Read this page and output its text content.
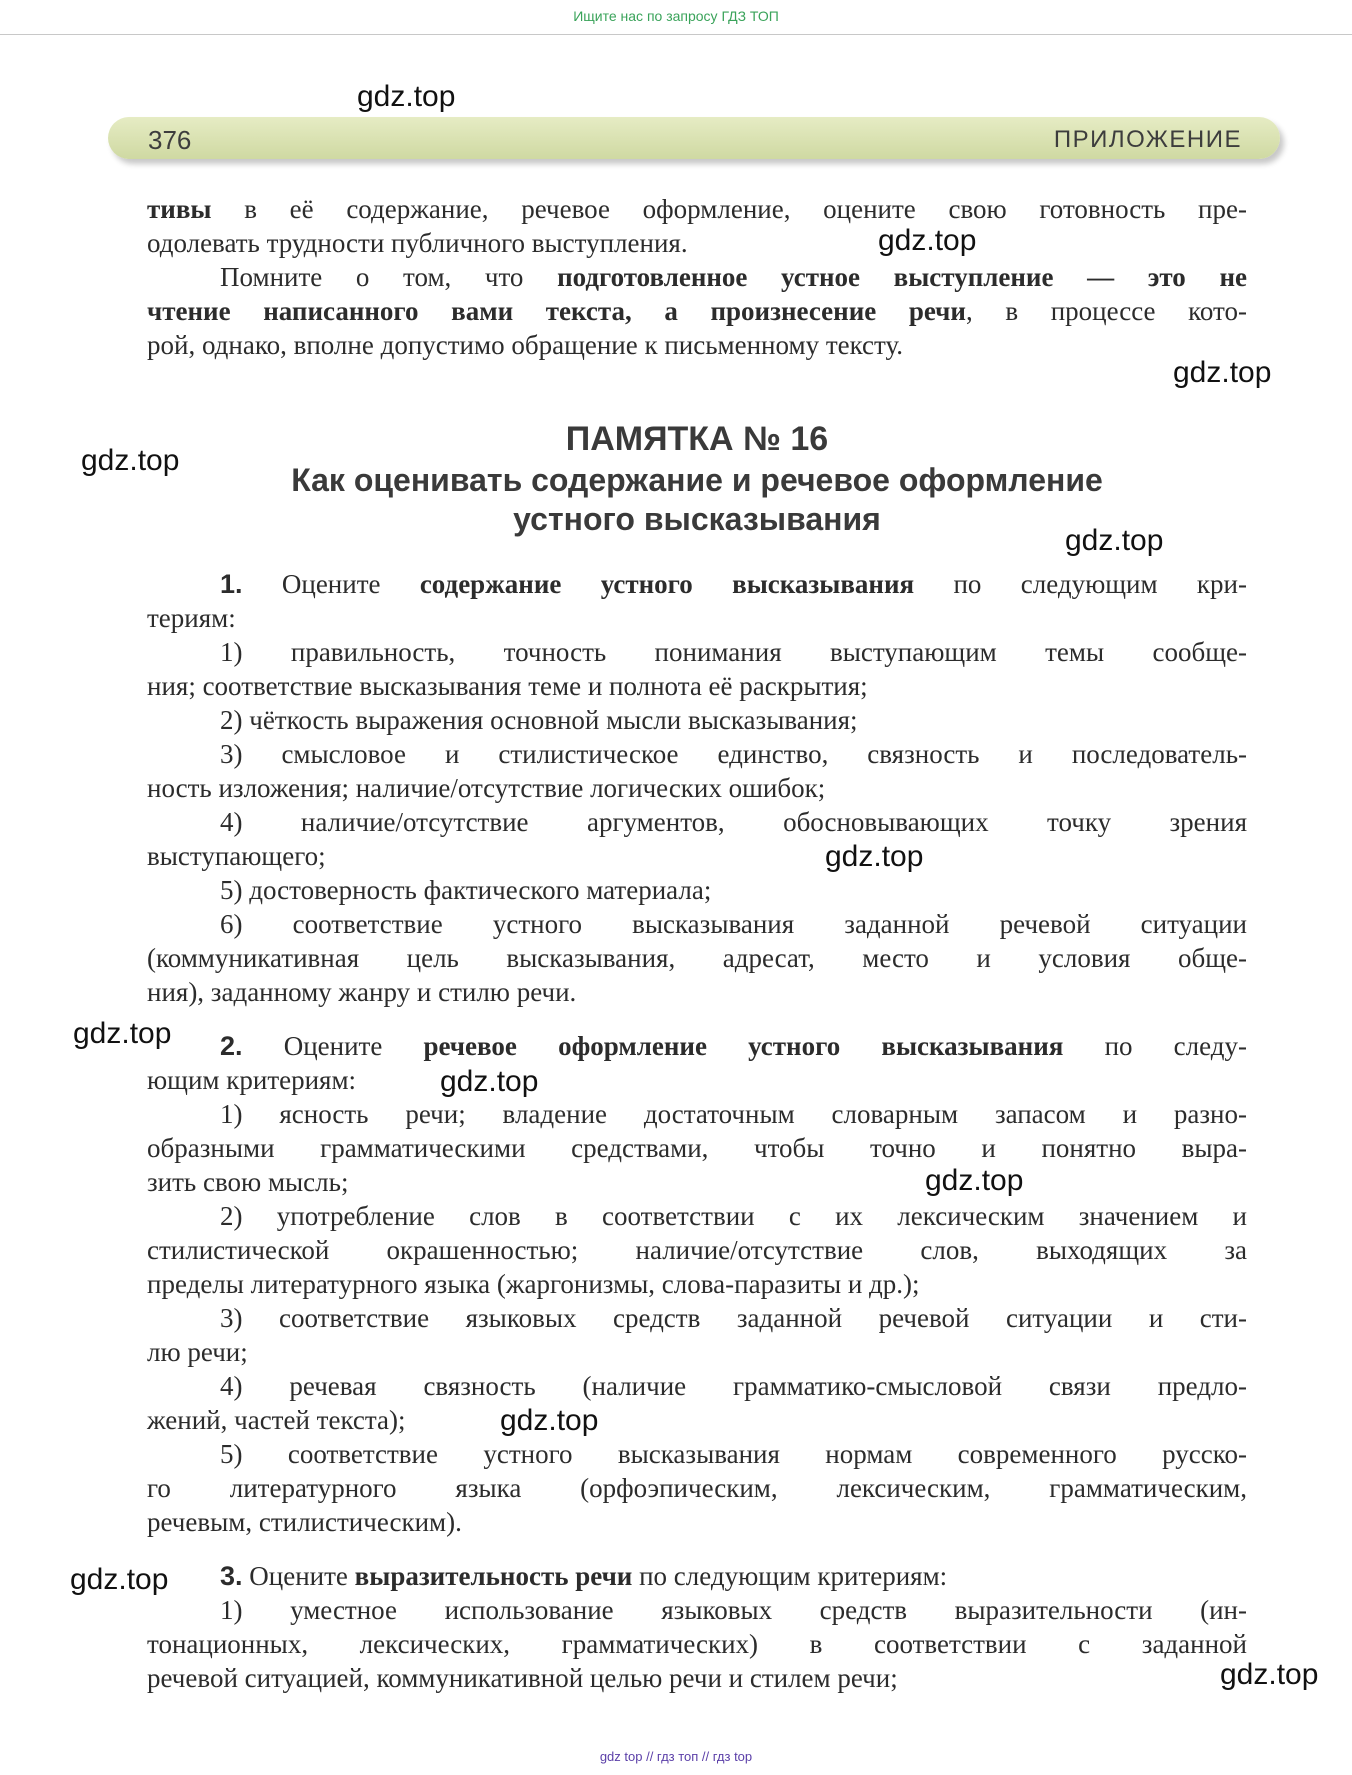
Ищите нас по запросу ГДЗ ТОП
376	ПРИЛОЖЕНИЕ
тивы в её содержание, речевое оформление, оцените свою готовность пре-
одолевать трудности публичного выступления.
Помните о том, что подготовленное устное выступление — это не
чтение написанного вами текста, а произнесение речи, в процессе кото-
рой, однако, вполне допустимо обращение к письменному тексту.
ПАМЯТКА № 16
Как оценивать содержание и речевое оформление
устного высказывания
1. Оцените содержание устного высказывания по следующим кри-
териям:
1) правильность, точность понимания выступающим темы сообще-
ния; соответствие высказывания теме и полнота её раскрытия;
2) чёткость выражения основной мысли высказывания;
3) смысловое и стилистическое единство, связность и последователь-
ность изложения; наличие/отсутствие логических ошибок;
4) наличие/отсутствие аргументов, обосновывающих точку зрения
выступающего;
5) достоверность фактического материала;
6) соответствие устного высказывания заданной речевой ситуации
(коммуникативная цель высказывания, адресат, место и условия обще-
ния), заданному жанру и стилю речи.
2. Оцените речевое оформление устного высказывания по следу-
ющим критериям:
1) ясность речи; владение достаточным словарным запасом и разно-
образными грамматическими средствами, чтобы точно и понятно выра-
зить свою мысль;
2) употребление слов в соответствии с их лексическим значением и
стилистической окрашенностью; наличие/отсутствие слов, выходящих за
пределы литературного языка (жаргонизмы, слова-паразиты и др.);
3) соответствие языковых средств заданной речевой ситуации и сти-
лю речи;
4) речевая связность (наличие грамматико-смысловой связи предло-
жений, частей текста);
5) соответствие устного высказывания нормам современного русско-
го литературного языка (орфоэпическим, лексическим, грамматическим,
речевым, стилистическим).
3. Оцените выразительность речи по следующим критериям:
1) уместное использование языковых средств выразительности (ин-
тонационных, лексических, грамматических) в соответствии с заданной
речевой ситуацией, коммуникативной целью речи и стилем речи;
gdz.top
gdz.top
gdz.top
gdz.top
gdz.top
gdz.top
gdz.top
gdz.top
gdz.top
gdz.top
gdz.top
gdz.top
gdz top // гдз топ // гдз top
